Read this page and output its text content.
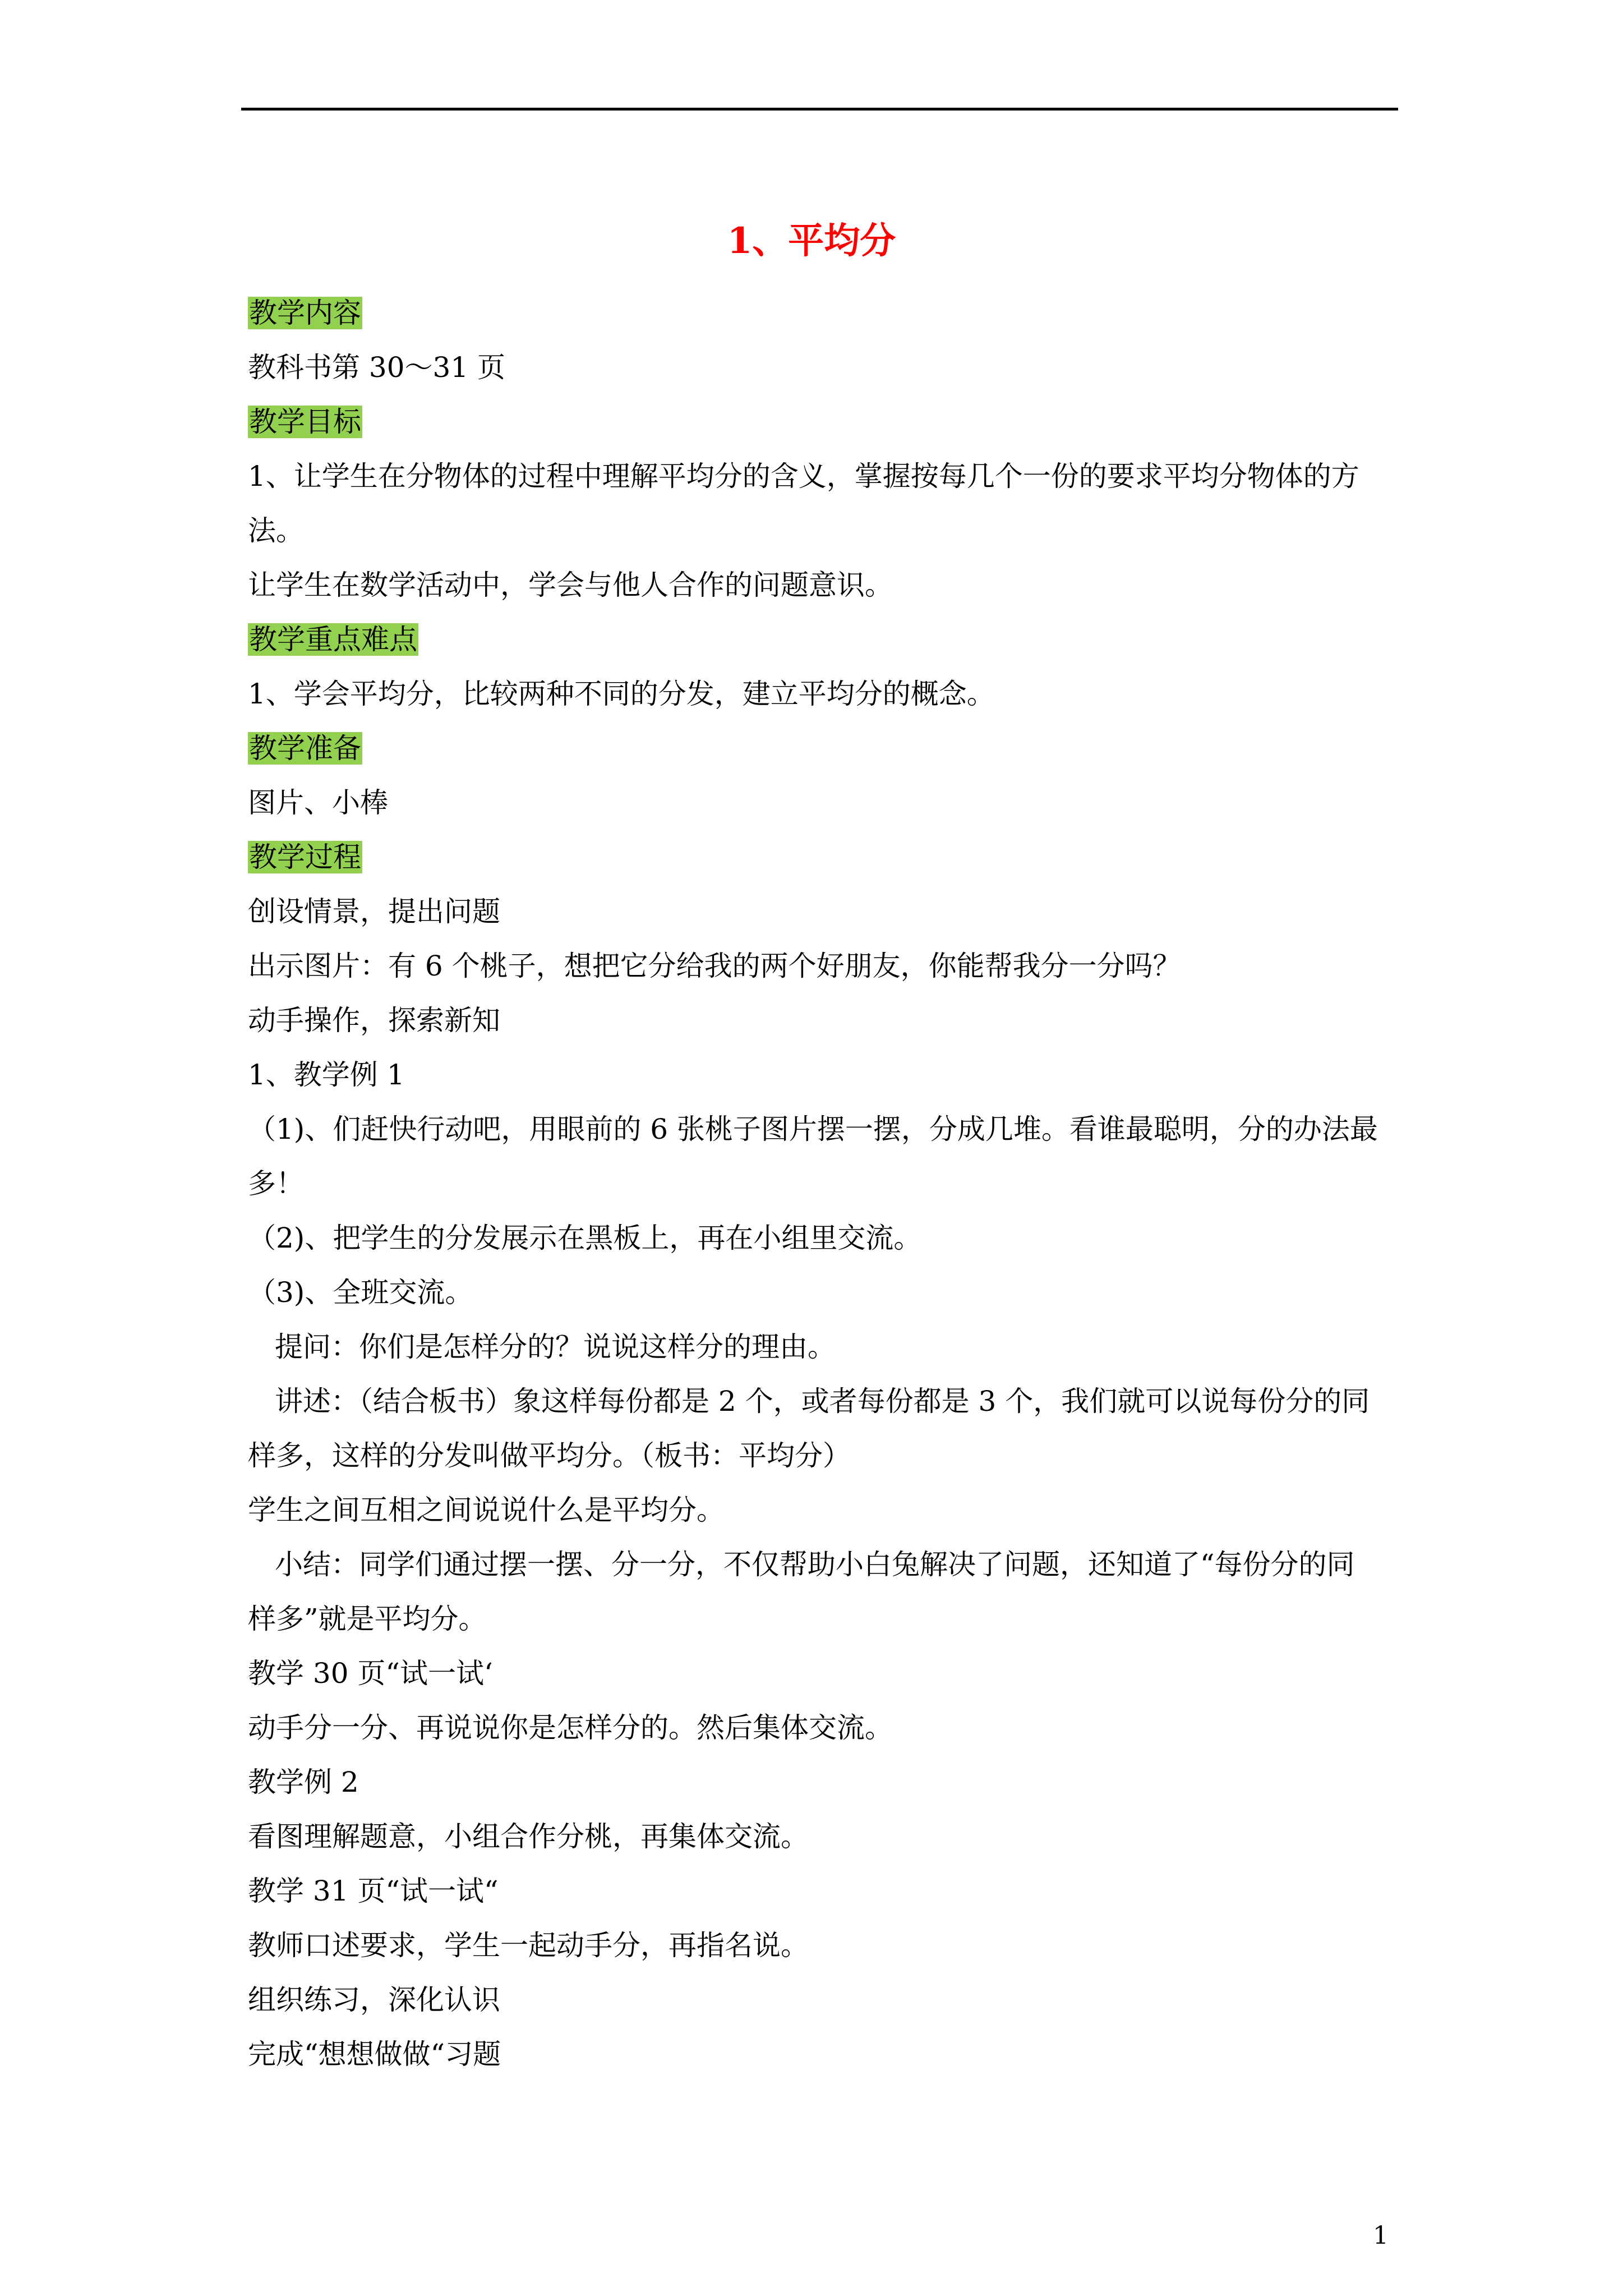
1、平均分
教学内容
教科书第 30～31 页
教学目标
1、让学生在分物体的过程中理解平均分的含义，掌握按每几个一份的要求平均分物体的方
法。
让学生在数学活动中，学会与他人合作的问题意识。
教学重点难点
1、学会平均分，比较两种不同的分发，建立平均分的概念。
教学准备
图片、小棒
教学过程
创设情景，提出问题
出示图片：有 6 个桃子，想把它分给我的两个好朋友，你能帮我分一分吗？
动手操作，探索新知
1、教学例 1
（1)、们赶快行动吧，用眼前的 6 张桃子图片摆一摆，分成几堆。看谁最聪明，分的办法最
多！
（2)、把学生的分发展示在黑板上，再在小组里交流。
（3)、全班交流。
提问：你们是怎样分的？说说这样分的理由。
讲述：（结合板书）象这样每份都是 2 个，或者每份都是 3 个，我们就可以说每份分的同
样多，这样的分发叫做平均分。（板书：平均分）
学生之间互相之间说说什么是平均分。
小结：同学们通过摆一摆、分一分，不仅帮助小白兔解决了问题，还知道了“每份分的同
样多”就是平均分。
教学 30 页“试一试‘
动手分一分、再说说你是怎样分的。然后集体交流。
教学例 2
看图理解题意，小组合作分桃，再集体交流。
教学 31 页“试一试“
教师口述要求，学生一起动手分，再指名说。
组织练习，深化认识
完成“想想做做“习题
1
